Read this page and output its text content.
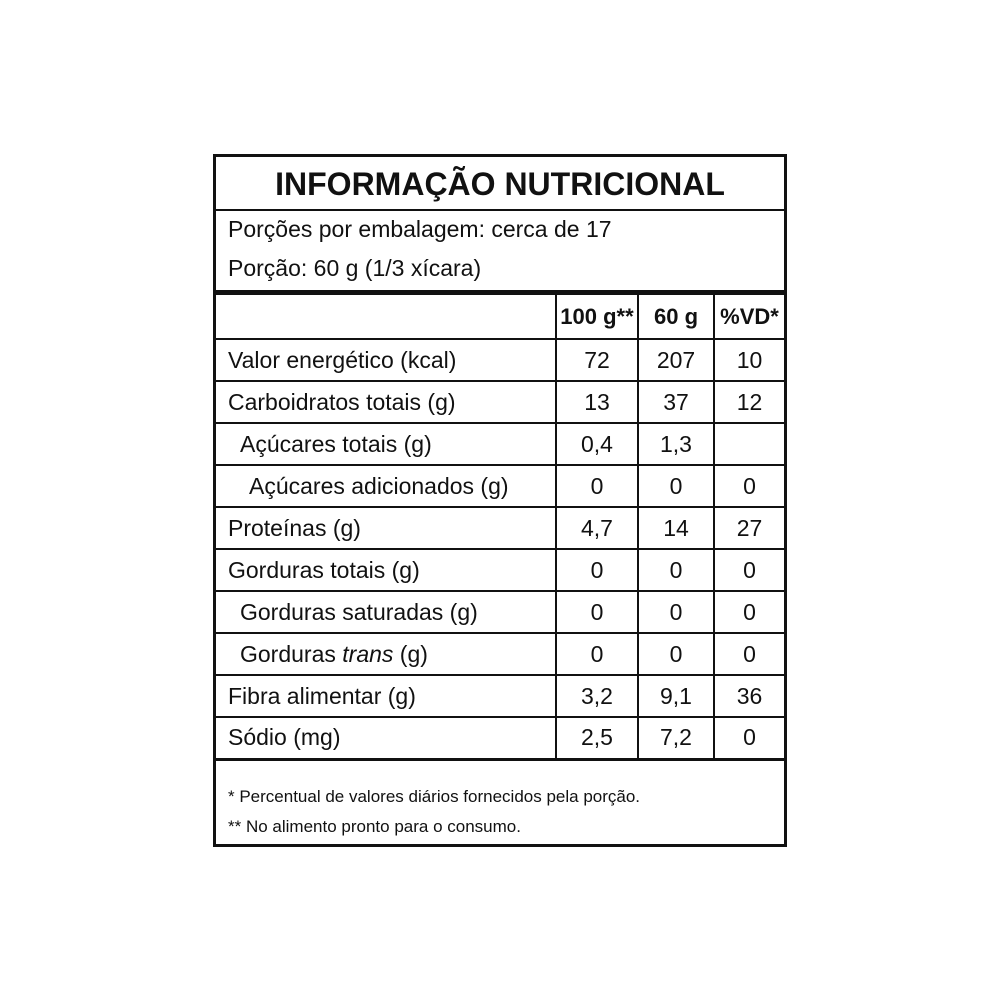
INFORMAÇÃO NUTRICIONAL
Porções por embalagem: cerca de 17
Porção: 60 g (1/3 xícara)
	100 g**	60 g	%VD*
Valor energético (kcal)	72	207	10
Carboidratos totais (g)	13	37	12
Açúcares totais (g)	0,4	1,3	
Açúcares adicionados (g)	0	0	0
Proteínas (g)	4,7	14	27
Gorduras totais (g)	0	0	0
Gorduras saturadas (g)	0	0	0
Gorduras trans (g)	0	0	0
Fibra alimentar (g)	3,2	9,1	36
Sódio (mg)	2,5	7,2	0
* Percentual de valores diários fornecidos pela porção.
** No alimento pronto para o consumo.
